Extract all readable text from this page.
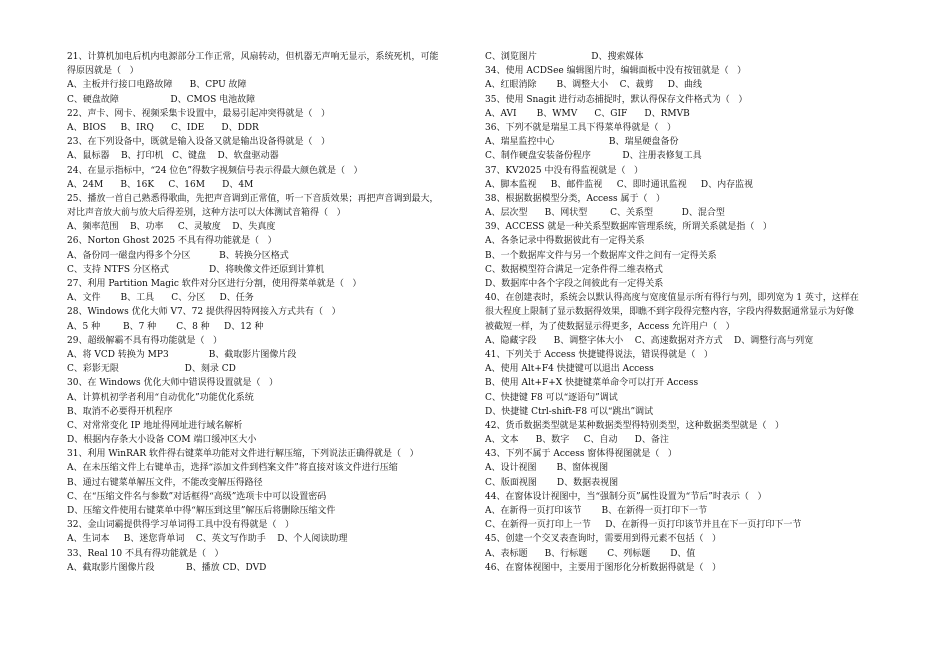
21、计算机加电后机内电源部分工作正常，风扇转动，但机器无声响无显示，系统死机，可能
得原因就是（   ）
A、主板并行接口电路故障      B、CPU 故障
C、硬盘故障                  D、CMOS 电池故障
22、声卡、网卡、视频采集卡设置中，最易引起冲突得就是（   ）
A、BIOS     B、IRQ      C、IDE      D、DDR
23、在下列设备中，既就是输入设备又就是输出设备得就是（   ）
A、鼠标器    B、打印机   C、键盘    D、软盘驱动器
24、在显示指标中，“24 位色”得数字视频信号表示得最大颜色就是（   ）
A、24M      B、16K     C、16M      D、4M
25、播放一首自己熟悉得歌曲，先把声音调到正常值，听一下音质效果；再把声音调到最大，
对比声音放大前与放大后得差别，这种方法可以大体测试音箱得（   ）
A、频率范围    B、功率     C、灵敏度    D、失真度
26、Norton Ghost 2025 不具有得功能就是（   ）
A、备份同一磁盘内得多个分区          B、转换分区格式
C、支持 NTFS 分区格式              D、将映像文件还原到计算机
27、利用 Partition Magic 软件对分区进行分割，使用得菜单就是（   ）
A、文件       B、工具      C、分区     D、任务
28、Windows 优化大师 V7、72 提供得因特网接入方式共有（   ）
A、5 种        B、7 种       C、8 种     D、12 种
29、超级解霸不具有得功能就是（   ）
A、将 VCD 转换为 MP3              B、截取影片图像片段
C、彩影无限                       D、刻录 CD
30、在 Windows 优化大师中错误得设置就是（   ）
A、计算机初学者利用“自动优化”功能优化系统
B、取消不必要得开机程序
C、对常常变化 IP 地址得网址进行域名解析
D、根据内存条大小设备 COM 端口缓冲区大小
31、利用 WinRAR 软件得右键菜单功能对文件进行解压缩，下列说法正确得就是（   ）
A、在未压缩文件上右键单击，选择“添加文件到档案文件”将直接对该文件进行压缩
B、通过右键菜单解压文件，不能改变解压得路径
C、在“压缩文件名与参数”对话框得“高级”选项卡中可以设置密码
D、压缩文件使用右键菜单中得“解压到这里”解压后将删除压缩文件
32、金山词霸提供得学习单词得工具中没有得就是（   ）
A、生词本     B、迷您背单词    C、英文写作助手    D、个人阅读助理
33、Real 10 不具有得功能就是（   ）
A、截取影片图像片段           B、播放 CD、DVD
C、浏览图片                   D、搜索媒体
34、使用 ACDSee 编辑图片时，编辑面板中没有按钮就是（   ）
A、红眼消除       B、调整大小    C、裁剪     D、曲线
35、使用 Snagit 进行动态捕捉时，默认得保存文件格式为（   ）
A、AVI       B、WMV      C、GIF      D、RMVB
36、下列不就是瑞星工具下得菜单得就是（   ）
A、瑞星监控中心                   B、瑞星硬盘备份
C、制作硬盘安装备份程序           D、注册表修复工具
37、KV2025 中没有得监视就是（   ）
A、脚本监视     B、邮件监视     C、即时通讯监视     D、内存监视
38、根据数据模型分类，Access 属于（   ）
A、层次型      B、网状型        C、关系型          D、混合型
39、ACCESS 就是一种关系型数据库管理系统，所谓关系就是指（   ）
A、各条记录中得数据彼此有一定得关系
B、一个数据库文件与另一个数据库文件之间有一定得关系
C、数据模型符合满足一定条件得二维表格式
D、数据库中各个字段之间彼此有一定得关系
40、在创建表时，系统会以默认得高度与宽度值显示所有得行与列，即列宽为 1 英寸，这样在
很大程度上限制了显示数据得效果，即瞧不到字段得完整内容，字段内得数据通常显示为好像
被截短一样，为了使数据显示得更多，Access 允许用户（   ）
A、隐藏字段      B、调整字体大小    C、高速数据对齐方式    D、调整行高与列宽
41、下列关于 Access 快捷键得说法，错误得就是（   ）
A、使用 Alt+F4 快捷键可以退出 Access
B、使用 Alt+F+X 快捷键菜单命令可以打开 Access
C、快捷键 F8 可以“逐语句”调试
D、快捷键 Ctrl-shift-F8 可以“跳出”调试
42、货币数据类型就是某种数据类型得特别类型，这种数据类型就是（   ）
A、文本      B、数字     C、自动      D、备注
43、下列不属于 Access 窗体得视图就是（   ）
A、设计视图       B、窗体视图
C、版面视图       D、数据表视图
44、在窗体设计视图中，当“强制分页”属性设置为“节后”时表示（   ）
A、在新得一页打印该节       B、在新得一页打印下一节
C、在新得一页打印上一节     D、在新得一页打印该节并且在下一页打印下一节
45、创建一个交叉表查询时，需要用到得元素不包括（   ）
A、表标题      B、行标题       C、列标题       D、值
46、在窗体视图中，主要用于图形化分析数据得就是（   ）
